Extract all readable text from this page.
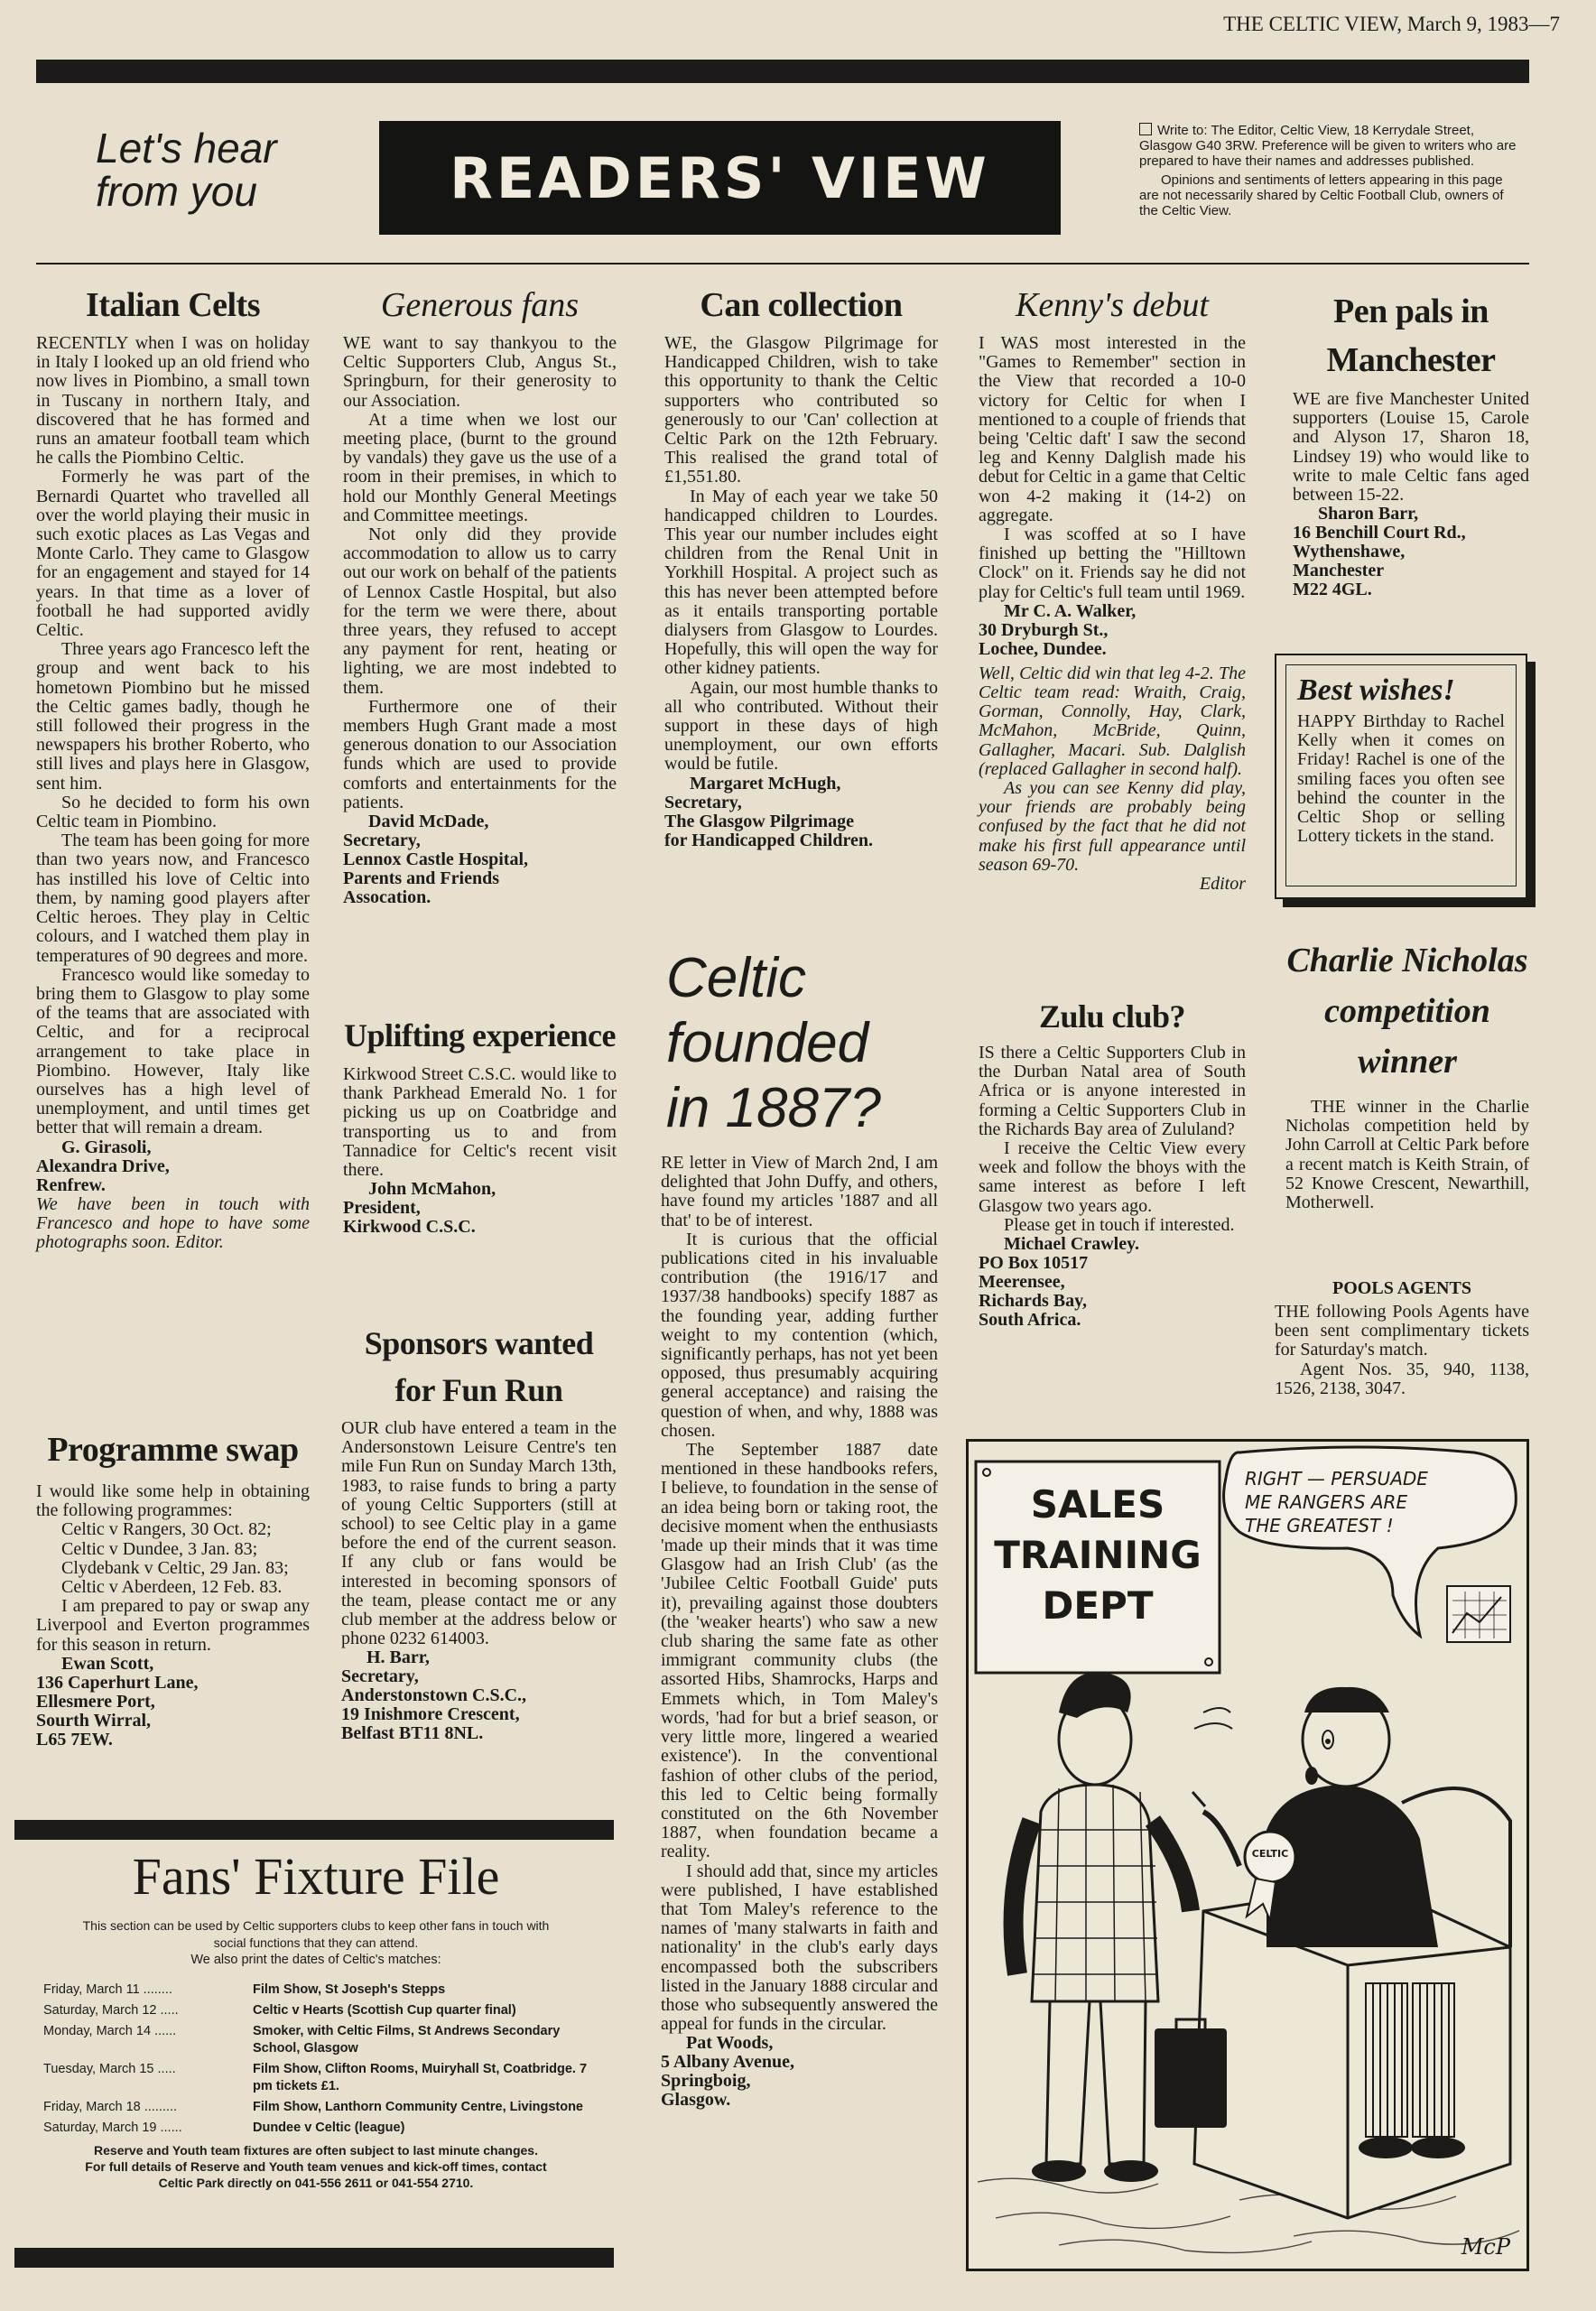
THE CELTIC VIEW, March 9, 1983—7
Let's hear
from you	READERS' VIEW
Write to: The Editor, Celtic View, 18 Kerrydale Street, Glasgow G40 3RW. Preference will be given to writers who are prepared to have their names and addresses published.
Opinions and sentiments of letters appearing in this page are not necessarily shared by Celtic Football Club, owners of the Celtic View.
Italian Celts

RECENTLY when I was on holiday in Italy I looked up an old friend who now lives in Piombino, a small town in Tuscany in northern Italy, and discovered that he has formed and runs an amateur football team which he calls the Piombino Celtic.

Formerly he was part of the Bernardi Quartet who travelled all over the world playing their music in such exotic places as Las Vegas and Monte Carlo. They came to Glasgow for an engagement and stayed for 14 years. In that time as a lover of football he had supported avidly Celtic.

Three years ago Francesco left the group and went back to his hometown Piombino but he missed the Celtic games badly, though he still followed their progress in the newspapers his brother Roberto, who still lives and plays here in Glasgow, sent him.

So he decided to form his own Celtic team in Piombino.

The team has been going for more than two years now, and Francesco has instilled his love of Celtic into them, by naming good players after Celtic heroes. They play in Celtic colours, and I watched them play in temperatures of 90 degrees and more.

Francesco would like someday to bring them to Glasgow to play some of the teams that are associated with Celtic, and for a reciprocal arrangement to take place in Piombino. However, Italy like ourselves has a high level of unemployment, and until times get better that will remain a dream.

G. Girasoli,
Alexandra Drive,
Renfrew.

We have been in touch with Francesco and hope to have some photographs soon. Editor.

Programme swap

I would like some help in obtaining the following programmes:

Celtic v Rangers, 30 Oct. 82;

Celtic v Dundee, 3 Jan. 83;

Clydebank v Celtic, 29 Jan. 83;

Celtic v Aberdeen, 12 Feb. 83.

I am prepared to pay or swap any Liverpool and Everton programmes for this season in return.

Ewan Scott,
136 Caperhurt Lane,
Ellesmere Port,
Sourth Wirral,
L65 7EW.

Generous fans

WE want to say thankyou to the Celtic Supporters Club, Angus St., Springburn, for their generosity to our Association.

At a time when we lost our meeting place, (burnt to the ground by vandals) they gave us the use of a room in their premises, in which to hold our Monthly General Meetings and Committee meetings.

Not only did they provide accommodation to allow us to carry out our work on behalf of the patients of Lennox Castle Hospital, but also for the term we were there, about three years, they refused to accept any payment for rent, heating or lighting, we are most indebted to them.

Furthermore one of their members Hugh Grant made a most generous donation to our Association funds which are used to provide comforts and entertainments for the patients.

David McDade,
Secretary,
Lennox Castle Hospital,
Parents and Friends
Assocation.

Uplifting experience

Kirkwood Street C.S.C. would like to thank Parkhead Emerald No. 1 for picking us up on Coatbridge and transporting us to and from Tannadice for Celtic's recent visit there.

John McMahon,
President,
Kirkwood C.S.C.

Sponsors wanted for Fun Run

OUR club have entered a team in the Andersonstown Leisure Centre's ten mile Fun Run on Sunday March 13th, 1983, to raise funds to bring a party of young Celtic Supporters (still at school) to see Celtic play in a game before the end of the current season. If any club or fans would be interested in becoming sponsors of the team, please contact me or any club member at the address below or phone 0232 614003.

H. Barr,
Secretary,
Anderstonstown C.S.C.,
19 Inishmore Crescent,
Belfast BT11 8NL.

Fans' Fixture File
This section can be used by Celtic supporters clubs to keep other fans in touch with social functions that they can attend.
We also print the dates of Celtic's matches:
Friday, March 11 ........	Film Show, St Joseph's Stepps
Saturday, March 12 .....	Celtic v Hearts (Scottish Cup quarter final)
Monday, March 14 ......	Smoker, with Celtic Films, St Andrews Secondary School, Glasgow
Tuesday, March 15 .....	Film Show, Clifton Rooms, Muiryhall St, Coatbridge. 7 pm tickets £1.
Friday, March 18 .........	Film Show, Lanthorn Community Centre, Livingstone
Saturday, March 19 ......	Dundee v Celtic (league)
Reserve and Youth team fixtures are often subject to last minute changes.
For full details of Reserve and Youth team venues and kick-off times, contact Celtic Park directly on 041-556 2611 or 041-554 2710.
Can collection

WE, the Glasgow Pilgrimage for Handicapped Children, wish to take this opportunity to thank the Celtic supporters who contributed so generously to our 'Can' collection at Celtic Park on the 12th February. This realised the grand total of £1,551.80.

In May of each year we take 50 handicapped children to Lourdes. This year our number includes eight children from the Renal Unit in Yorkhill Hospital. A project such as this has never been attempted before as it entails transporting portable dialysers from Glasgow to Lourdes. Hopefully, this will open the way for other kidney patients.

Again, our most humble thanks to all who contributed. Without their support in these days of high unemployment, our own efforts would be futile.

Margaret McHugh,
Secretary,
The Glasgow Pilgrimage
for Handicapped Children.

Celtic founded in 1887?

RE letter in View of March 2nd, I am delighted that John Duffy, and others, have found my articles '1887 and all that' to be of interest.

It is curious that the official publications cited in his invaluable contribution (the 1916/17 and 1937/38 handbooks) specify 1887 as the founding year, adding further weight to my contention (which, significantly perhaps, has not yet been opposed, thus presumably acquiring general acceptance) and raising the question of when, and why, 1888 was chosen.

The September 1887 date mentioned in these handbooks refers, I believe, to foundation in the sense of an idea being born or taking root, the decisive moment when the enthusiasts 'made up their minds that it was time Glasgow had an Irish Club' (as the 'Jubilee Celtic Football Guide' puts it), prevailing against those doubters (the 'weaker hearts') who saw a new club sharing the same fate as other immigrant community clubs (the assorted Hibs, Shamrocks, Harps and Emmets which, in Tom Maley's words, 'had for but a brief season, or very little more, lingered a wearied existence'). In the conventional fashion of other clubs of the period, this led to Celtic being formally constituted on the 6th November 1887, when foundation became a reality.

I should add that, since my articles were published, I have established that Tom Maley's reference to the names of 'many stalwarts in faith and nationality' in the club's early days encompassed both the subscribers listed in the January 1888 circular and those who subsequently answered the appeal for funds in the circular.

Pat Woods,
5 Albany Avenue,
Springboig,
Glasgow.

Kenny's debut

I WAS most interested in the "Games to Remember" section in the View that recorded a 10-0 victory for Celtic for when I mentioned to a couple of friends that being 'Celtic daft' I saw the second leg and Kenny Dalglish made his debut for Celtic in a game that Celtic won 4-2 making it (14-2) on aggregate.

I was scoffed at so I have finished up betting the "Hilltown Clock" on it. Friends say he did not play for Celtic's full team until 1969.

Mr C. A. Walker,
30 Dryburgh St.,
Lochee, Dundee.

Well, Celtic did win that leg 4-2. The Celtic team read: Wraith, Craig, Gorman, Connolly, Hay, Clark, McMahon, McBride, Quinn, Gallagher, Macari. Sub. Dalglish (replaced Gallagher in second half).

As you can see Kenny did play, your friends are probably being confused by the fact that he did not make his first full appearance until season 69-70.

Editor

Zulu club?

IS there a Celtic Supporters Club in the Durban Natal area of South Africa or is anyone interested in forming a Celtic Supporters Club in the Richards Bay area of Zululand?

I receive the Celtic View every week and follow the bhoys with the same interest as before I left Glasgow two years ago.

Please get in touch if interested.

Michael Crawley.
PO Box 10517
Meerensee,
Richards Bay,
South Africa.

Pen pals in Manchester

WE are five Manchester United supporters (Louise 15, Carole and Alyson 17, Sharon 18, Lindsey 19) who would like to write to male Celtic fans aged between 15-22.

Sharon Barr,
16 Benchill Court Rd.,
Wythenshawe,
Manchester
M22 4GL.

Best wishes!
HAPPY Birthday to Rachel Kelly when it comes on Friday! Rachel is one of the smiling faces you often see behind the counter in the Celtic Shop or selling Lottery tickets in the stand.
Charlie Nicholas competition winner

THE winner in the Charlie Nicholas competition held by John Carroll at Celtic Park before a recent match is Keith Strain, of 52 Knowe Crescent, Newarthill, Motherwell.

POOLS AGENTS

THE following Pools Agents have been sent complimentary tickets for Saturday's match.

Agent Nos. 35, 940, 1138, 1526, 2138, 3047.

SALES
TRAINING
DEPT
RIGHT — PERSUADE
ME RANGERS ARE
THE GREATEST !
CELTIC
McP
